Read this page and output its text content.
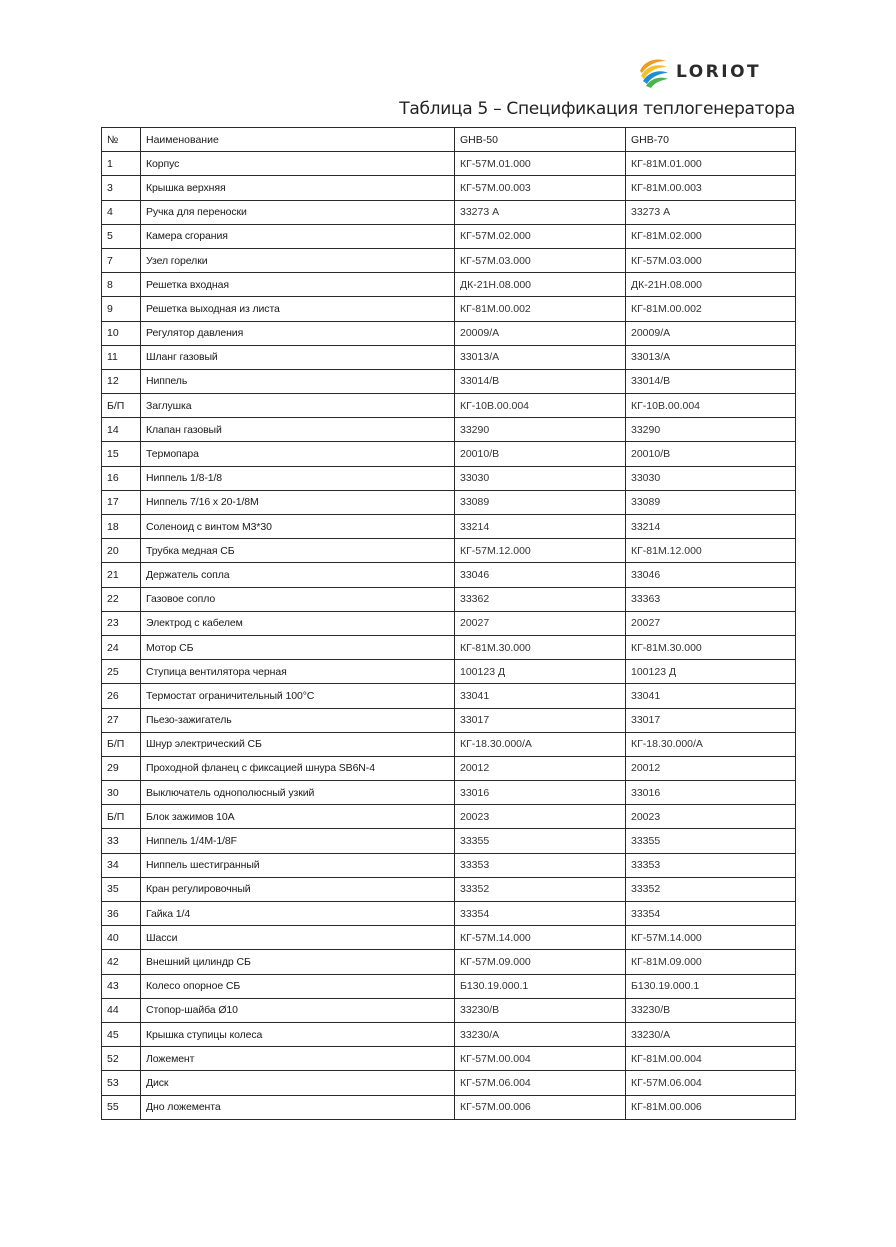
LORIOT
Таблица 5 – Спецификация теплогенератора
№	Наименование	GHB-50	GHB-70
1	Корпус	КГ-57М.01.000	КГ-81М.01.000
3	Крышка верхняя	КГ-57М.00.003	КГ-81М.00.003
4	Ручка для переноски	33273 А	33273 А
5	Камера сгорания	КГ-57М.02.000	КГ-81М.02.000
7	Узел горелки	КГ-57М.03.000	КГ-57М.03.000
8	Решетка входная	ДК-21Н.08.000	ДК-21Н.08.000
9	Решетка выходная из листа	КГ-81М.00.002	КГ-81М.00.002
10	Регулятор давления	20009/А	20009/А
11	Шланг газовый	33013/А	33013/А
12	Ниппель	33014/В	33014/В
Б/П	Заглушка	КГ-10В.00.004	КГ-10В.00.004
14	Клапан газовый	33290	33290
15	Термопара	20010/В	20010/В
16	Ниппель 1/8-1/8	33030	33030
17	Ниппель 7/16 х 20-1/8М	33089	33089
18	Соленоид с винтом М3*30	33214	33214
20	Трубка медная СБ	КГ-57М.12.000	КГ-81М.12.000
21	Держатель сопла	33046	33046
22	Газовое сопло	33362	33363
23	Электрод с кабелем	20027	20027
24	Мотор СБ	КГ-81М.30.000	КГ-81М.30.000
25	Ступица вентилятора черная	100123 Д	100123 Д
26	Термостат ограничительный 100°С	33041	33041
27	Пьезо-зажигатель	33017	33017
Б/П	Шнур электрический СБ	КГ-18.30.000/А	КГ-18.30.000/А
29	Проходной фланец с фиксацией шнура SB6N-4	20012	20012
30	Выключатель однополюсный узкий	33016	33016
Б/П	Блок зажимов 10А	20023	20023
33	Ниппель 1/4М-1/8F	33355	33355
34	Ниппель шестигранный	33353	33353
35	Кран регулировочный	33352	33352
36	Гайка 1/4	33354	33354
40	Шасси	КГ-57М.14.000	КГ-57М.14.000
42	Внешний цилиндр СБ	КГ-57М.09.000	КГ-81М.09.000
43	Колесо опорное СБ	Б130.19.000.1	Б130.19.000.1
44	Стопор-шайба Ø10	33230/В	33230/В
45	Крышка ступицы колеса	33230/А	33230/А
52	Ложемент	КГ-57М.00.004	КГ-81М.00.004
53	Диск	КГ-57М.06.004	КГ-57М.06.004
55	Дно ложемента	КГ-57М.00.006	КГ-81М.00.006
